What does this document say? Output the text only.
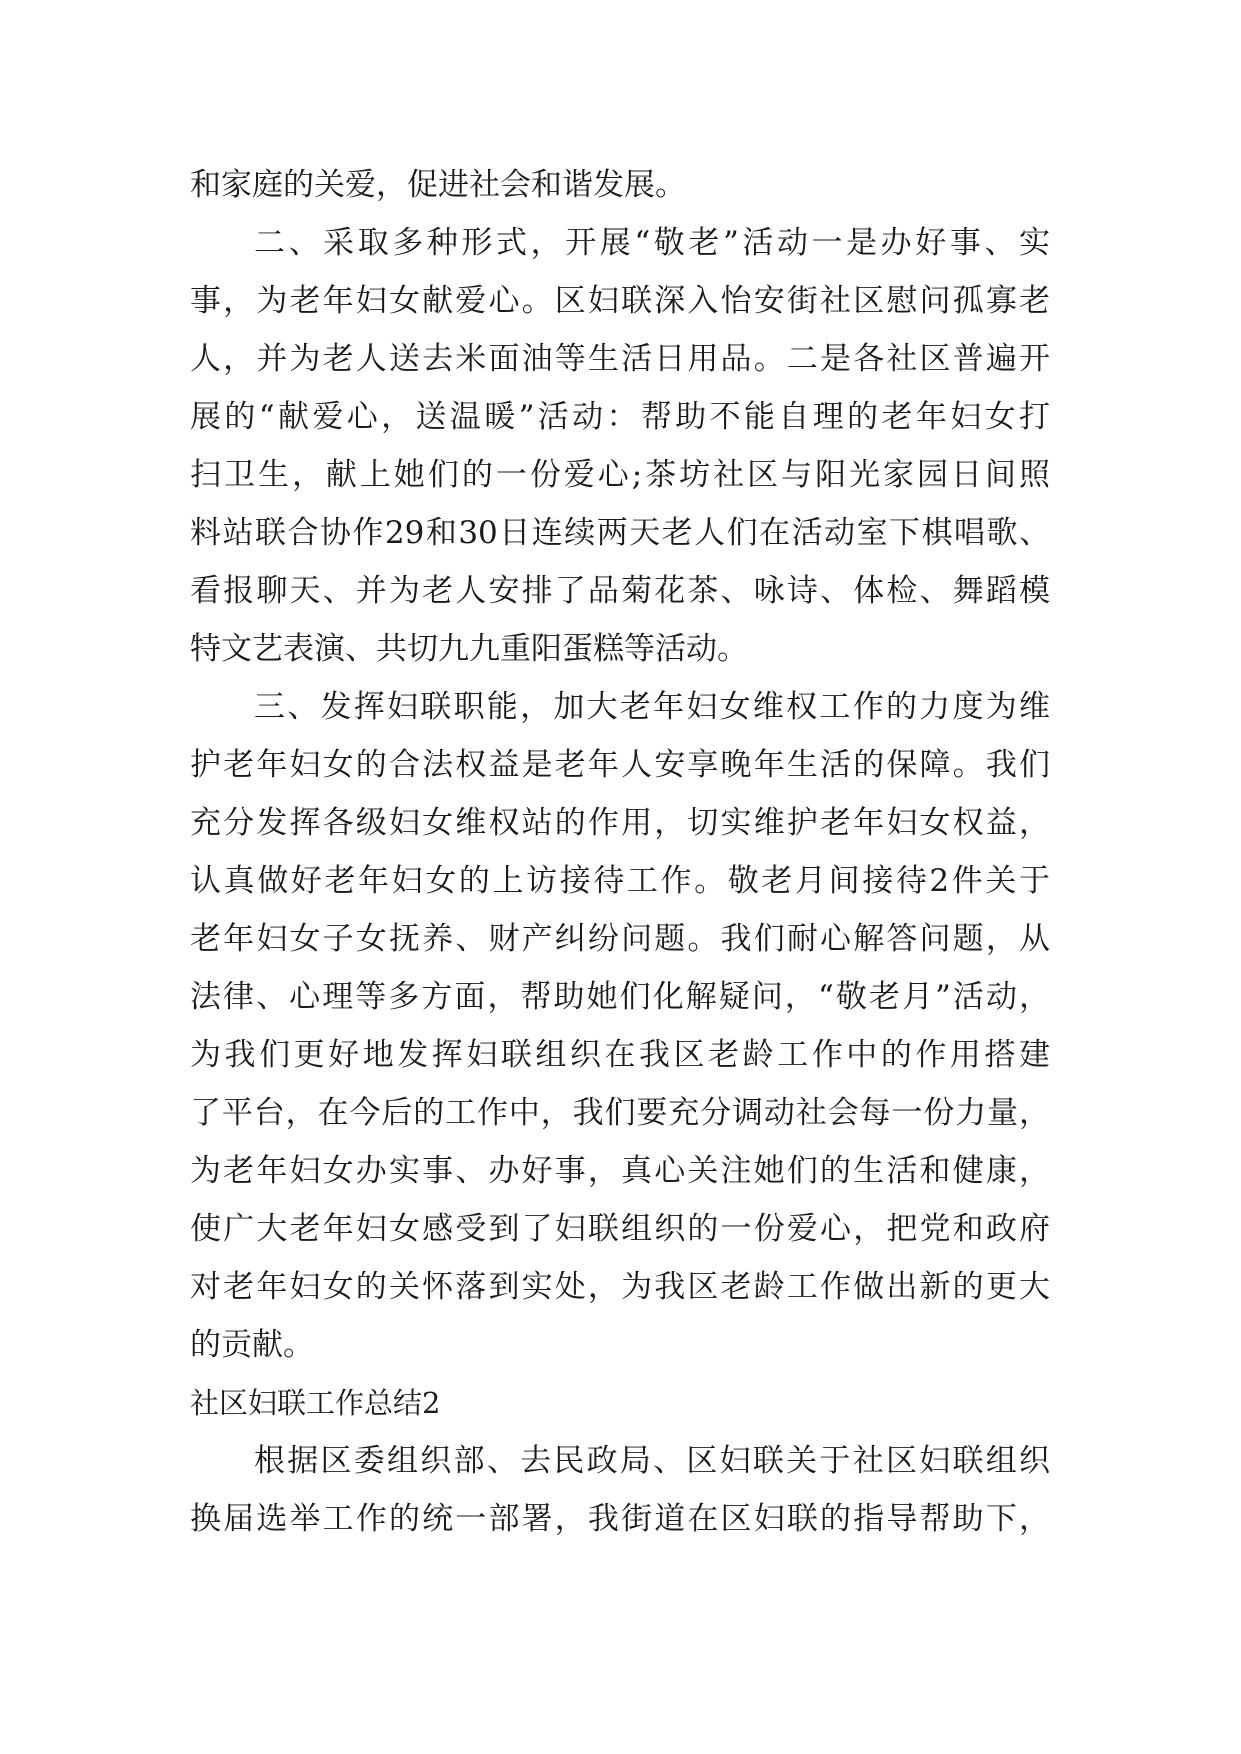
和家庭的关爱，促进社会和谐发展。
二、采取多种形式，开展“敬老”活动一是办好事、实
事，为老年妇女献爱心。区妇联深入怡安街社区慰问孤寡老
人，并为老人送去米面油等生活日用品。二是各社区普遍开
展的“献爱心，送温暖”活动：帮助不能自理的老年妇女打
扫卫生，献上她们的一份爱心;茶坊社区与阳光家园日间照
料站联合协作29和30日连续两天老人们在活动室下棋唱歌、
看报聊天、并为老人安排了品菊花茶、咏诗、体检、舞蹈模
特文艺表演、共切九九重阳蛋糕等活动。
三、发挥妇联职能，加大老年妇女维权工作的力度为维
护老年妇女的合法权益是老年人安享晚年生活的保障。我们
充分发挥各级妇女维权站的作用，切实维护老年妇女权益，
认真做好老年妇女的上访接待工作。敬老月间接待2件关于
老年妇女子女抚养、财产纠纷问题。我们耐心解答问题，从
法律、心理等多方面，帮助她们化解疑问，“敬老月”活动，
为我们更好地发挥妇联组织在我区老龄工作中的作用搭建
了平台，在今后的工作中，我们要充分调动社会每一份力量，
为老年妇女办实事、办好事，真心关注她们的生活和健康，
使广大老年妇女感受到了妇联组织的一份爱心，把党和政府
对老年妇女的关怀落到实处，为我区老龄工作做出新的更大
的贡献。
社区妇联工作总结2
根据区委组织部、去民政局、区妇联关于社区妇联组织
换届选举工作的统一部署，我街道在区妇联的指导帮助下，
